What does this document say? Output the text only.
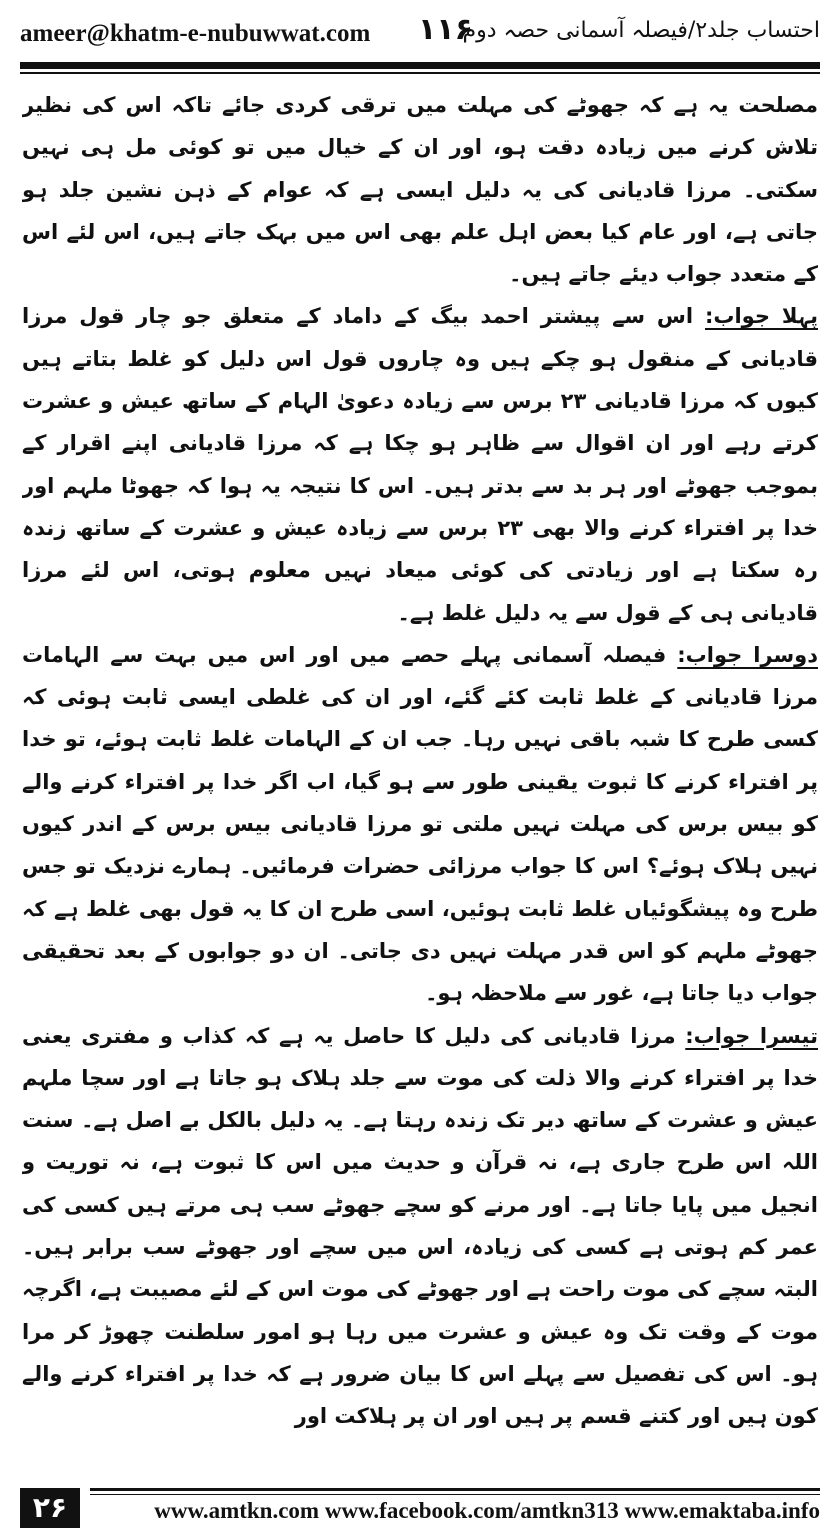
ameer@khatm-e-nubuwwat.com ۱۱۶
احتساب جلد۲/فیصلہ آسمانی حصہ دوم

مصلحت یہ ہے کہ جھوٹے کی مہلت میں ترقی کردی جائے تاکہ اس کی نظیر تلاش کرنے میں زیادہ دقت ہو، اور ان کے خیال میں تو کوئی مل ہی نہیں سکتی۔ مرزا قادیانی کی یہ دلیل ایسی ہے کہ عوام کے ذہن نشین جلد ہو جاتی ہے، اور عام کیا بعض اہل علم بھی اس میں بہک جاتے ہیں، اس لئے اس کے متعدد جواب دیئے جاتے ہیں۔

پہلا جواب: اس سے پیشتر احمد بیگ کے داماد کے متعلق جو چار قول مرزا قادیانی کے منقول ہو چکے ہیں وہ چاروں قول اس دلیل کو غلط بتاتے ہیں کیوں کہ مرزا قادیانی ۲۳ برس سے زیادہ دعویٰ الہام کے ساتھ عیش و عشرت کرتے رہے اور ان اقوال سے ظاہر ہو چکا ہے کہ مرزا قادیانی اپنے اقرار کے بموجب جھوٹے اور ہر بد سے بدتر ہیں۔ اس کا نتیجہ یہ ہوا کہ جھوٹا ملہم اور خدا پر افتراء کرنے والا بھی ۲۳ برس سے زیادہ عیش و عشرت کے ساتھ زندہ رہ سکتا ہے اور زیادتی کی کوئی میعاد نہیں معلوم ہوتی، اس لئے مرزا قادیانی ہی کے قول سے یہ دلیل غلط ہے۔

دوسرا جواب: فیصلہ آسمانی پہلے حصے میں اور اس میں بہت سے الہامات مرزا قادیانی کے غلط ثابت کئے گئے، اور ان کی غلطی ایسی ثابت ہوئی کہ کسی طرح کا شبہ باقی نہیں رہا۔ جب ان کے الہامات غلط ثابت ہوئے، تو خدا پر افتراء کرنے کا ثبوت یقینی طور سے ہو گیا، اب اگر خدا پر افتراء کرنے والے کو بیس برس کی مہلت نہیں ملتی تو مرزا قادیانی بیس برس کے اندر کیوں نہیں ہلاک ہوئے؟ اس کا جواب مرزائی حضرات فرمائیں۔ ہمارے نزدیک تو جس طرح وہ پیشگوئیاں غلط ثابت ہوئیں، اسی طرح ان کا یہ قول بھی غلط ہے کہ جھوٹے ملہم کو اس قدر مہلت نہیں دی جاتی۔ ان دو جوابوں کے بعد تحقیقی جواب دیا جاتا ہے، غور سے ملاحظہ ہو۔

تیسرا جواب: مرزا قادیانی کی دلیل کا حاصل یہ ہے کہ کذاب و مفتری یعنی خدا پر افتراء کرنے والا ذلت کی موت سے جلد ہلاک ہو جاتا ہے اور سچا ملہم عیش و عشرت کے ساتھ دیر تک زندہ رہتا ہے۔ یہ دلیل بالکل بے اصل ہے۔ سنت اللہ اس طرح جاری ہے، نہ قرآن و حدیث میں اس کا ثبوت ہے، نہ توریت و انجیل میں پایا جاتا ہے۔ اور مرنے کو سچے جھوٹے سب ہی مرتے ہیں کسی کی عمر کم ہوتی ہے کسی کی زیادہ، اس میں سچے اور جھوٹے سب برابر ہیں۔ البتہ سچے کی موت راحت ہے اور جھوٹے کی موت اس کے لئے مصیبت ہے، اگرچہ موت کے وقت تک وہ عیش و عشرت میں رہا ہو امور سلطنت چھوڑ کر مرا ہو۔ اس کی تفصیل سے پہلے اس کا بیان ضرور ہے کہ خدا پر افتراء کرنے والے کون ہیں اور کتنے قسم پر ہیں اور ان پر ہلاکت اور

۲۶	www.amtkn.com www.facebook.com/amtkn313 www.emaktaba.info
